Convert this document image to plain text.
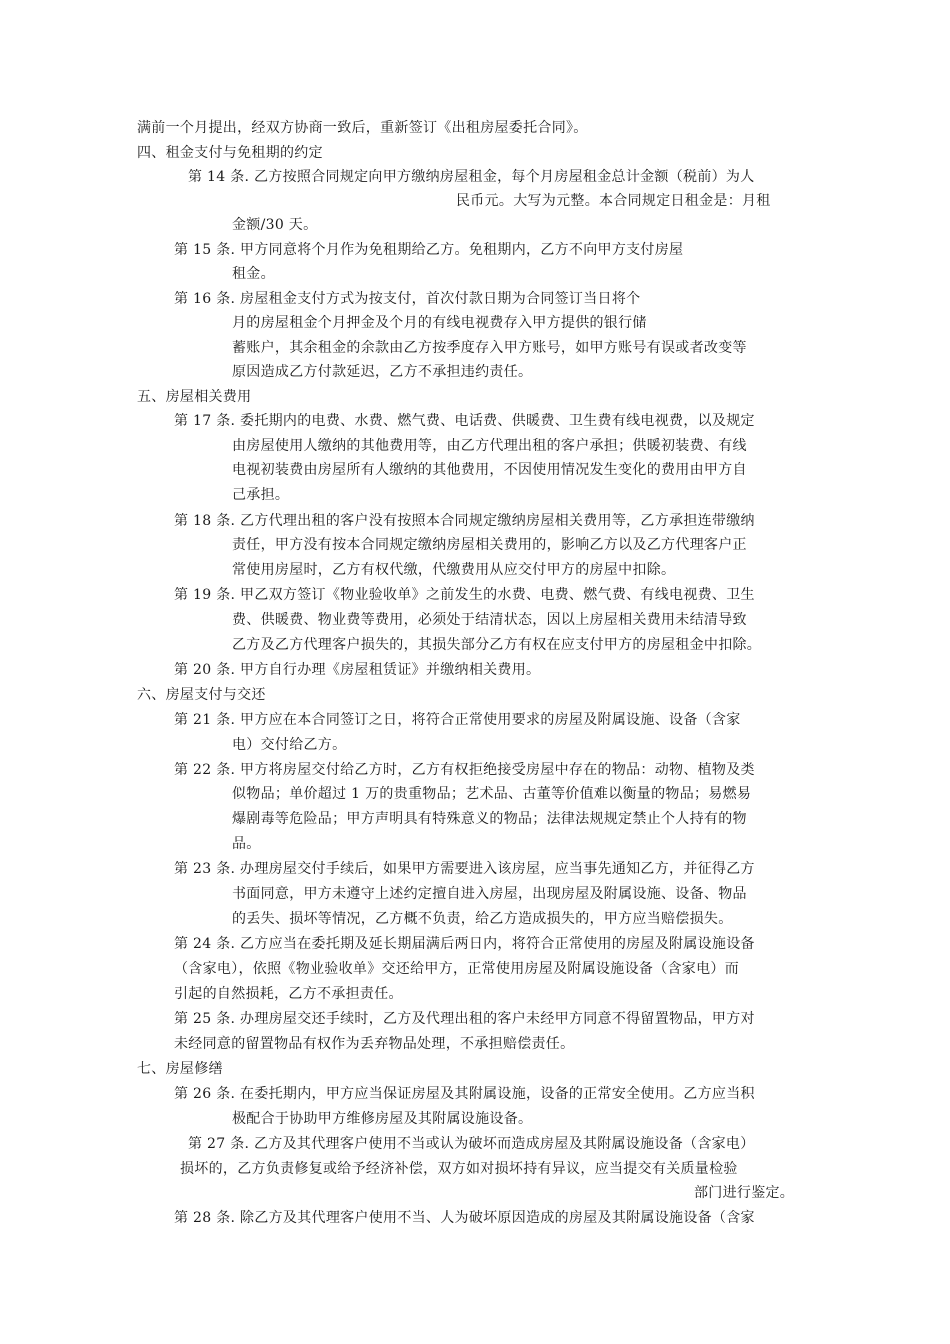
满前一个月提出，经双方协商一致后，重新签订《出租房屋委托合同》。
四、租金支付与免租期的约定
第 14 条. 乙方按照合同规定向甲方缴纳房屋租金，每个月房屋租金总计金额（税前）为人
民币元。大写为元整。本合同规定日租金是：月租
金额/30 天。
第 15 条. 甲方同意将个月作为免租期给乙方。免租期内，乙方不向甲方支付房屋
租金。
第 16 条. 房屋租金支付方式为按支付，首次付款日期为合同签订当日将个
月的房屋租金个月押金及个月的有线电视费存入甲方提供的银行储
蓄账户，其余租金的余款由乙方按季度存入甲方账号，如甲方账号有误或者改变等
原因造成乙方付款延迟，乙方不承担违约责任。
五、房屋相关费用
第 17 条. 委托期内的电费、水费、燃气费、电话费、供暖费、卫生费有线电视费，以及规定
由房屋使用人缴纳的其他费用等，由乙方代理出租的客户承担；供暖初装费、有线
电视初装费由房屋所有人缴纳的其他费用，不因使用情况发生变化的费用由甲方自
己承担。
第 18 条. 乙方代理出租的客户没有按照本合同规定缴纳房屋相关费用等，乙方承担连带缴纳
责任，甲方没有按本合同规定缴纳房屋相关费用的，影响乙方以及乙方代理客户正
常使用房屋时，乙方有权代缴，代缴费用从应交付甲方的房屋中扣除。
第 19 条. 甲乙双方签订《物业验收单》之前发生的水费、电费、燃气费、有线电视费、卫生
费、供暖费、物业费等费用，必须处于结清状态，因以上房屋相关费用未结清导致
乙方及乙方代理客户损失的，其损失部分乙方有权在应支付甲方的房屋租金中扣除。
第 20 条. 甲方自行办理《房屋租赁证》并缴纳相关费用。
六、房屋支付与交还
第 21 条. 甲方应在本合同签订之日，将符合正常使用要求的房屋及附属设施、设备（含家
电）交付给乙方。
第 22 条. 甲方将房屋交付给乙方时，乙方有权拒绝接受房屋中存在的物品：动物、植物及类
似物品；单价超过 1 万的贵重物品；艺术品、古董等价值难以衡量的物品；易燃易
爆剧毒等危险品；甲方声明具有特殊意义的物品；法律法规规定禁止个人持有的物
品。
第 23 条. 办理房屋交付手续后，如果甲方需要进入该房屋，应当事先通知乙方，并征得乙方
书面同意，甲方未遵守上述约定擅自进入房屋，出现房屋及附属设施、设备、物品
的丢失、损坏等情况，乙方概不负责，给乙方造成损失的，甲方应当赔偿损失。
第 24 条. 乙方应当在委托期及延长期届满后两日内，将符合正常使用的房屋及附属设施设备
（含家电），依照《物业验收单》交还给甲方，正常使用房屋及附属设施设备（含家电）而
引起的自然损耗，乙方不承担责任。
第 25 条. 办理房屋交还手续时，乙方及代理出租的客户未经甲方同意不得留置物品，甲方对
未经同意的留置物品有权作为丢弃物品处理，不承担赔偿责任。
七、房屋修缮
第 26 条. 在委托期内，甲方应当保证房屋及其附属设施，设备的正常安全使用。乙方应当积
极配合于协助甲方维修房屋及其附属设施设备。
第 27 条. 乙方及其代理客户使用不当或认为破坏而造成房屋及其附属设施设备（含家电）
损坏的，乙方负责修复或给予经济补偿，双方如对损坏持有异议，应当提交有关质量检验
部门进行鉴定。
第 28 条. 除乙方及其代理客户使用不当、人为破坏原因造成的房屋及其附属设施设备（含家
